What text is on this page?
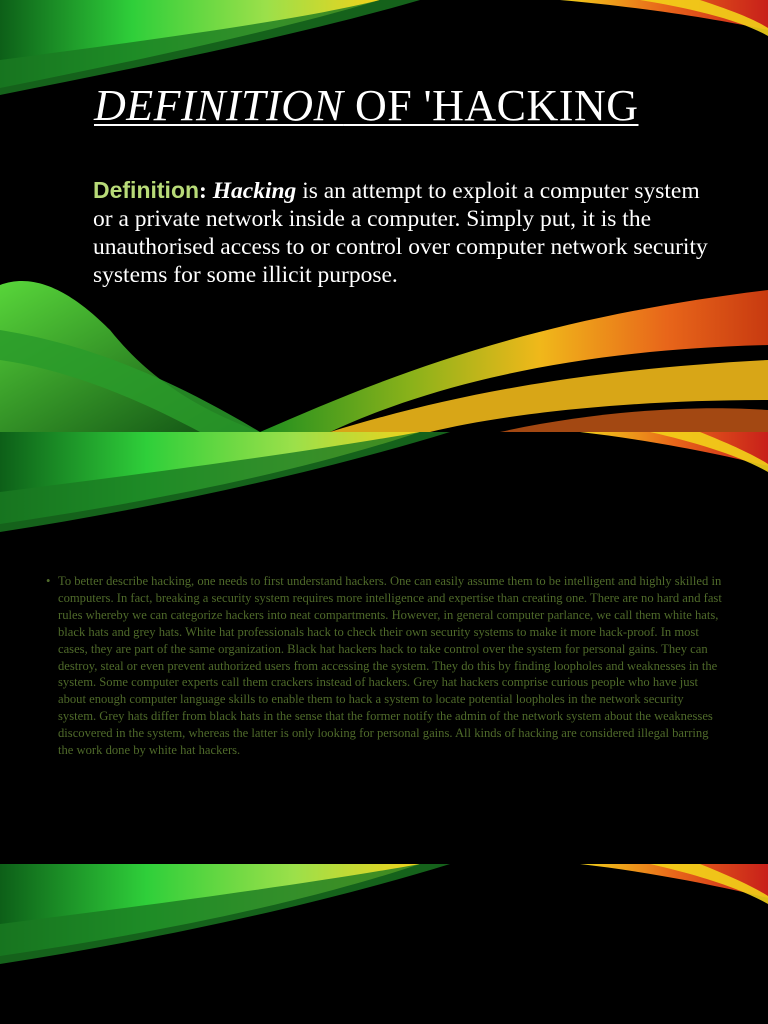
DEFINITION OF 'HACKING

Definition: Hacking is an attempt to exploit a computer system or a private network inside a computer. Simply put, it is the unauthorised access to or control over computer network security systems for some illicit purpose.

• To better describe hacking, one needs to first understand hackers. One can easily assume them to be intelligent and highly skilled in computers. In fact, breaking a security system requires more intelligence and expertise than creating one. There are no hard and fast rules whereby we can categorize hackers into neat compartments. However, in general computer parlance, we call them white hats, black hats and grey hats. White hat professionals hack to check their own security systems to make it more hack-proof. In most cases, they are part of the same organization. Black hat hackers hack to take control over the system for personal gains. They can destroy, steal or even prevent authorized users from accessing the system. They do this by finding loopholes and weaknesses in the system. Some computer experts call them crackers instead of hackers. Grey hat hackers comprise curious people who have just about enough computer language skills to enable them to hack a system to locate potential loopholes in the network security system. Grey hats differ from black hats in the sense that the former notify the admin of the network system about the weaknesses discovered in the system, whereas the latter is only looking for personal gains. All kinds of hacking are considered illegal barring the work done by white hat hackers.
